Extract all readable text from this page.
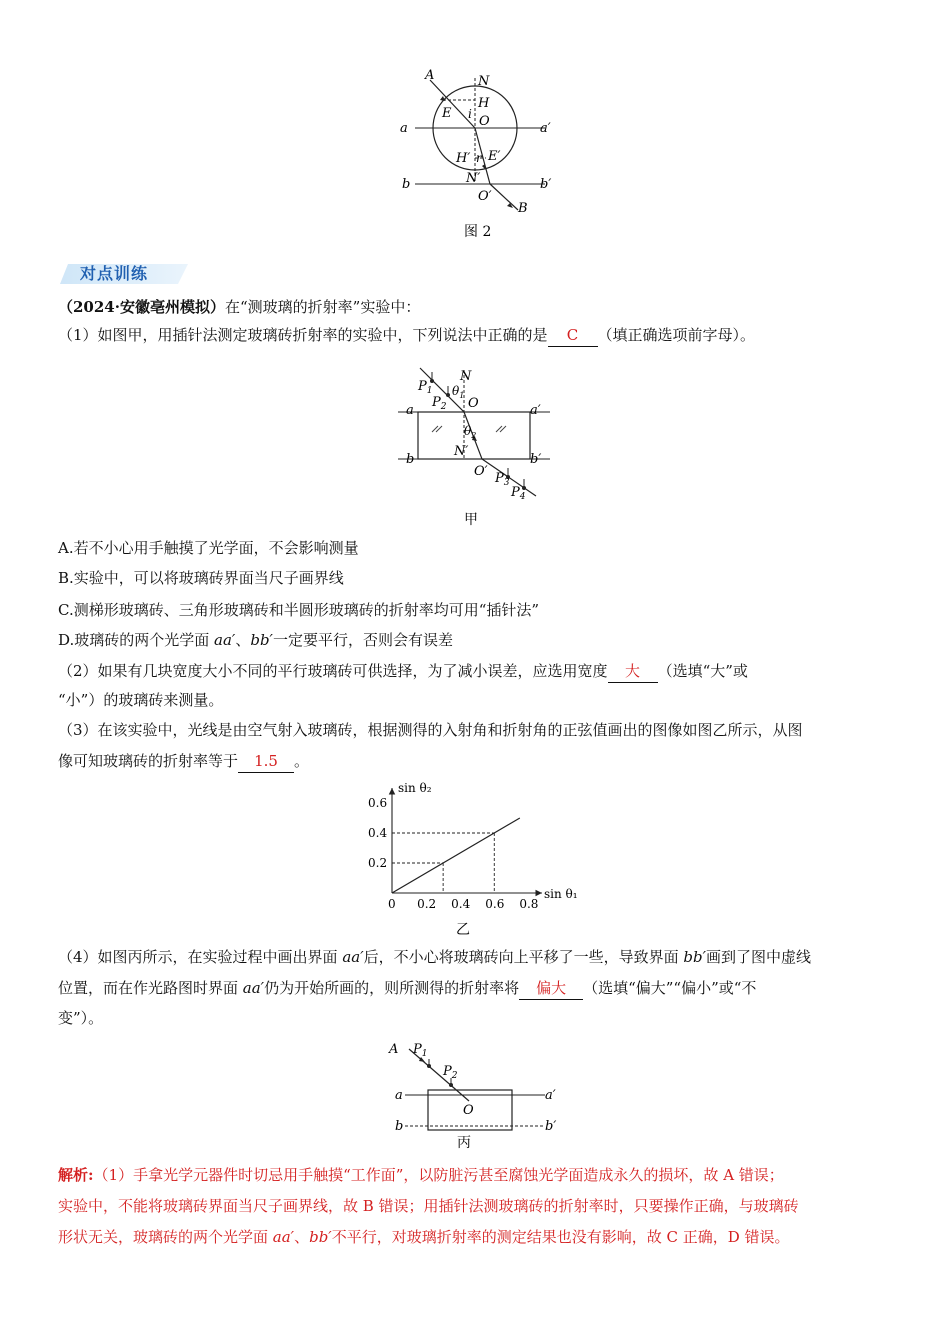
A	N
H
i O
E
a	a′
H′ r E′
N′
b	b′
O′
B
图 2
对点训练
（2024·安徽亳州模拟）在“测玻璃的折射率”实验中：
（1）如图甲，用插针法测定玻璃砖折射率的实验中，下列说法中正确的是 C （填正确选项前字母）。
$P_1$
$P_2$
N
$\theta_1$
O
a	a′
$\theta_2$
N′
b	b′
O′ $P_3$
$P_4$
甲
A.若不小心用手触摸了光学面，不会影响测量
B.实验中，可以将玻璃砖界面当尺子画界线
C.测梯形玻璃砖、三角形玻璃砖和半圆形玻璃砖的折射率均可用“插针法”
D.玻璃砖的两个光学面 aa′、bb′一定要平行，否则会有误差
（2）如果有几块宽度大小不同的平行玻璃砖可供选择，为了减小误差，应选用宽度 大 （选填“大”或
“小”）的玻璃砖来测量。
（3）在该实验中，光线是由空气射入玻璃砖，根据测得的入射角和折射角的正弦值画出的图像如图乙所示，从图
像可知玻璃砖的折射率等于 1.5 。
0.2
0.4
0.6
0 0.2 0.4 0.6 0.8
sin θ₂
sin θ₁
乙
（4）如图丙所示，在实验过程中画出界面 aa′后，不小心将玻璃砖向上平移了一些，导致界面 bb′画到了图中虚线
位置，而在作光路图时界面 aa′仍为开始所画的，则所测得的折射率将 偏大 （选填“偏大”“偏小”或“不
变”）。
A $P_1$
$P_2$
a	a′
O
b	b′
丙
解析:（1）手拿光学元器件时切忌用手触摸“工作面”，以防脏污甚至腐蚀光学面造成永久的损坏，故 A 错误；
实验中，不能将玻璃砖界面当尺子画界线，故 B 错误；用插针法测玻璃砖的折射率时，只要操作正确，与玻璃砖
形状无关，玻璃砖的两个光学面 aa′、bb′不平行，对玻璃折射率的测定结果也没有影响，故 C 正确，D 错误。
